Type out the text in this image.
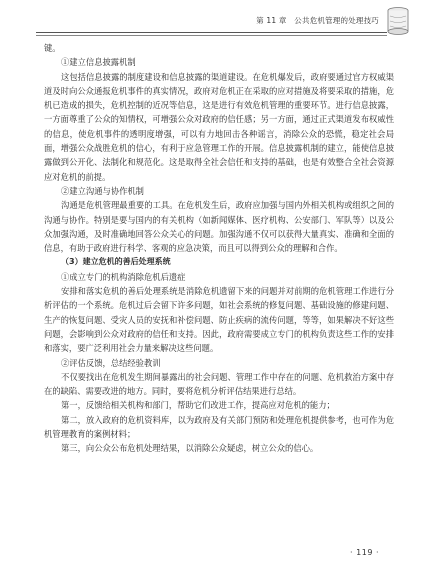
第 11 章　公共危机管理的处理技巧

键。

①建立信息披露机制

这包括信息披露的制度建设和信息披露的渠道建设。在危机爆发后，政府要通过官方权威渠道及时向公众通报危机事件的真实情况，政府对危机正在采取的应对措施及将要采取的措施，危机已造成的损失，危机控制的近况等信息，这是进行有效危机管理的重要环节。进行信息披露，一方面尊重了公众的知情权，可增强公众对政府的信任感；另一方面，通过正式渠道发布权威性的信息，使危机事件的透明度增强，可以有力地回击各种谣言，消除公众的恐慌，稳定社会局面，增强公众战胜危机的信心，有利于应急管理工作的开展。信息披露机制的建立，能使信息披露做到公开化、法制化和规范化。这是取得全社会信任和支持的基础，也是有效整合全社会资源应对危机的前提。

②建立沟通与协作机制

沟通是危机管理最重要的工具。在危机发生后，政府应加强与国内外相关机构或组织之间的沟通与协作。特别是要与国内的有关机构（如新闻媒体、医疗机构、公安部门、军队等）以及公众加强沟通，及时准确地回答公众关心的问题。加强沟通不仅可以获得大量真实、准确和全面的信息，有助于政府进行科学、客观的应急决策，而且可以得到公众的理解和合作。

（3）建立危机的善后处理系统

①成立专门的机构消除危机后遗症

安排和落实危机的善后处理系统是消除危机遗留下来的问题并对前期的危机管理工作进行分析评估的一个系统。危机过后会留下许多问题，如社会系统的修复问题、基础设施的修建问题、生产的恢复问题、受灾人员的安抚和补偿问题、防止疾病的流传问题，等等，如果解决不好这些问题，会影响到公众对政府的信任和支持。因此，政府需要成立专门的机构负责这些工作的安排和落实，要广泛利用社会力量来解决这些问题。

②评估反馈，总结经验教训

不仅要找出在危机发生期间暴露出的社会问题、管理工作中存在的问题、危机救治方案中存在的缺陷、需要改进的地方。同时，要将危机分析评估结果进行总结。

第一，反馈给相关机构和部门，帮助它们改进工作，提高应对危机的能力；

第二，放入政府的危机资料库，以为政府及有关部门预防和处理危机提供参考，也可作为危机管理教育的案例材料；

第三，向公众公布危机处理结果，以消除公众疑虑，树立公众的信心。

· 119 ·
